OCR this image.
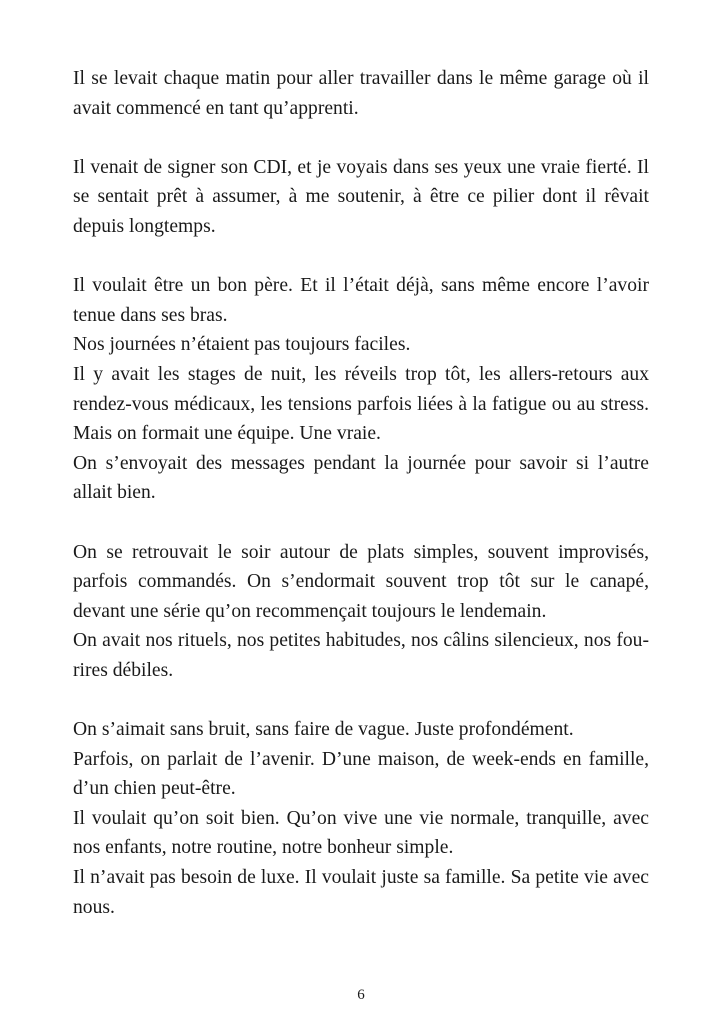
Il se levait chaque matin pour aller travailler dans le même garage où il avait commencé en tant qu’apprenti.

Il venait de signer son CDI, et je voyais dans ses yeux une vraie fierté. Il se sentait prêt à assumer, à me soutenir, à être ce pilier dont il rêvait depuis longtemps.

Il voulait être un bon père. Et il l’était déjà, sans même encore l’avoir tenue dans ses bras.

Nos journées n’étaient pas toujours faciles.

Il y avait les stages de nuit, les réveils trop tôt, les allers-retours aux rendez-vous médicaux, les tensions parfois liées à la fatigue ou au stress. Mais on formait une équipe. Une vraie.

On s’envoyait des messages pendant la journée pour savoir si l’autre allait bien.

On se retrouvait le soir autour de plats simples, souvent improvisés, parfois commandés. On s’endormait souvent trop tôt sur le canapé, devant une série qu’on recommençait toujours le lendemain.

On avait nos rituels, nos petites habitudes, nos câlins silencieux, nos fou-rires débiles.

On s’aimait sans bruit, sans faire de vague. Juste profondément.

Parfois, on parlait de l’avenir. D’une maison, de week-ends en famille, d’un chien peut-être.

Il voulait qu’on soit bien. Qu’on vive une vie normale, tranquille, avec nos enfants, notre routine, notre bonheur simple.

Il n’avait pas besoin de luxe. Il voulait juste sa famille. Sa petite vie avec nous.

6
